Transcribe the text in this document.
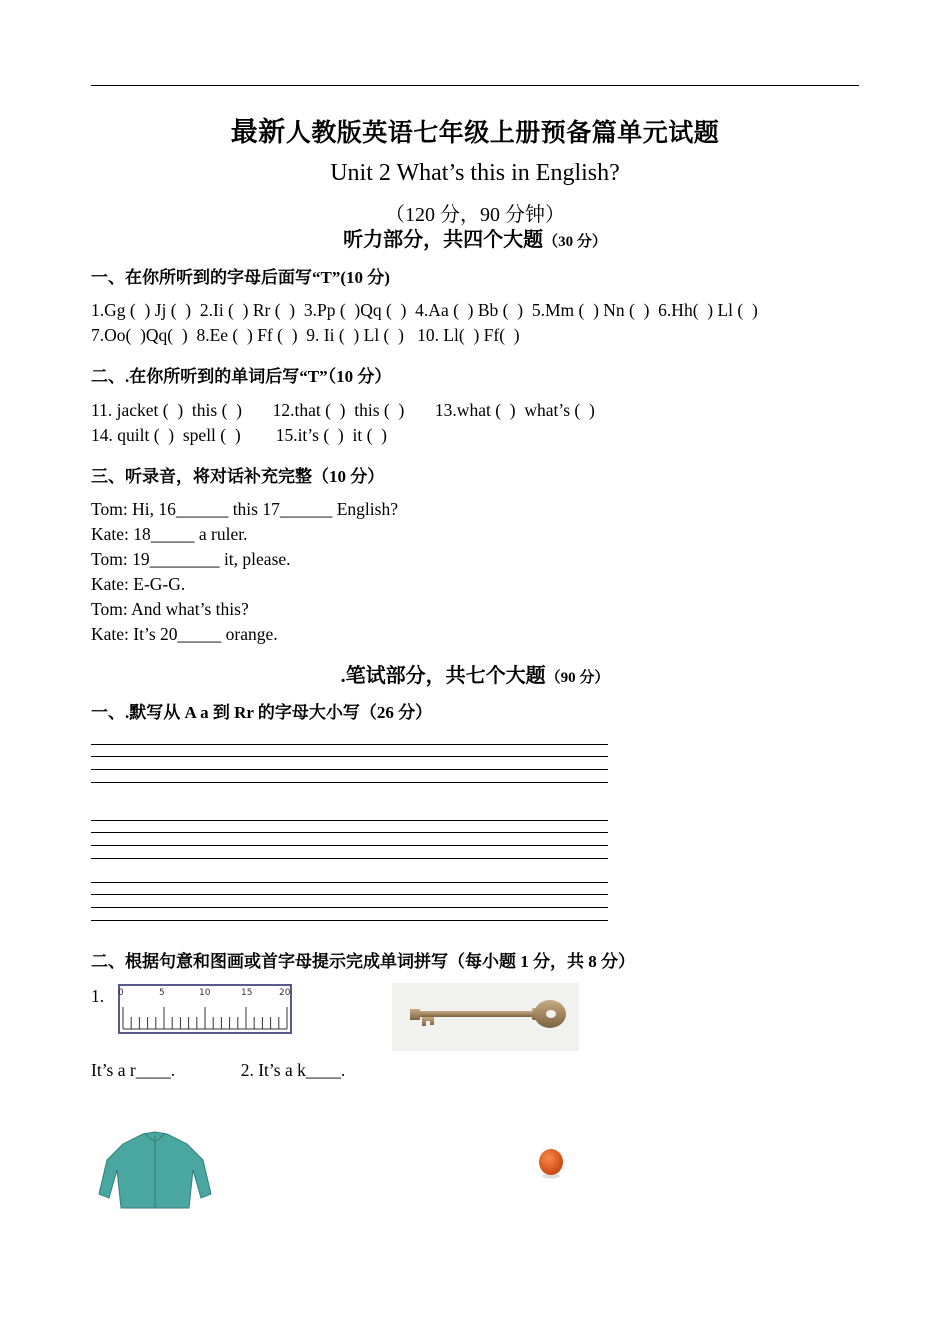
最新人教版英语七年级上册预备篇单元试题
Unit 2 What’s this in English?
（120 分，90 分钟）
听力部分，共四个大题（30 分）
一、在你所听到的字母后面写“T”(10 分)
1.Gg (  ) Jj (  )  2.Ii (  ) Rr (  )  3.Pp (  )Qq (  )  4.Aa (  ) Bb (  )  5.Mm (  ) Nn (  )  6.Hh(  ) Ll (  )
7.Oo(  )Qq(  )  8.Ee (  ) Ff (  )  9. Ii (  ) Ll (  )   10. Ll(  ) Ff(  )
二、.在你所听到的单词后写“T”（10 分）
11. jacket (  )  this (  )       12.that (  )  this (  )       13.what (  )  what’s (  )
14. quilt (  )  spell (  )        15.it’s (  )  it (  )
三、听录音，将对话补充完整（10 分）
Tom: Hi, 16______ this 17______ English?
Kate: 18_____ a ruler.
Tom: 19________ it, please.
Kate: E-G-G.
Tom: And what’s this?
Kate: It’s 20_____ orange.
.笔试部分，共七个大题（90 分）
一、.默写从 A a 到 Rr 的字母大小写（26 分）
二、根据句意和图画或首字母提示完成单词拼写（每小题 1 分，共 8 分）
1. 0	5	10	15	20
It’s a r____.               2. It’s a k____.
